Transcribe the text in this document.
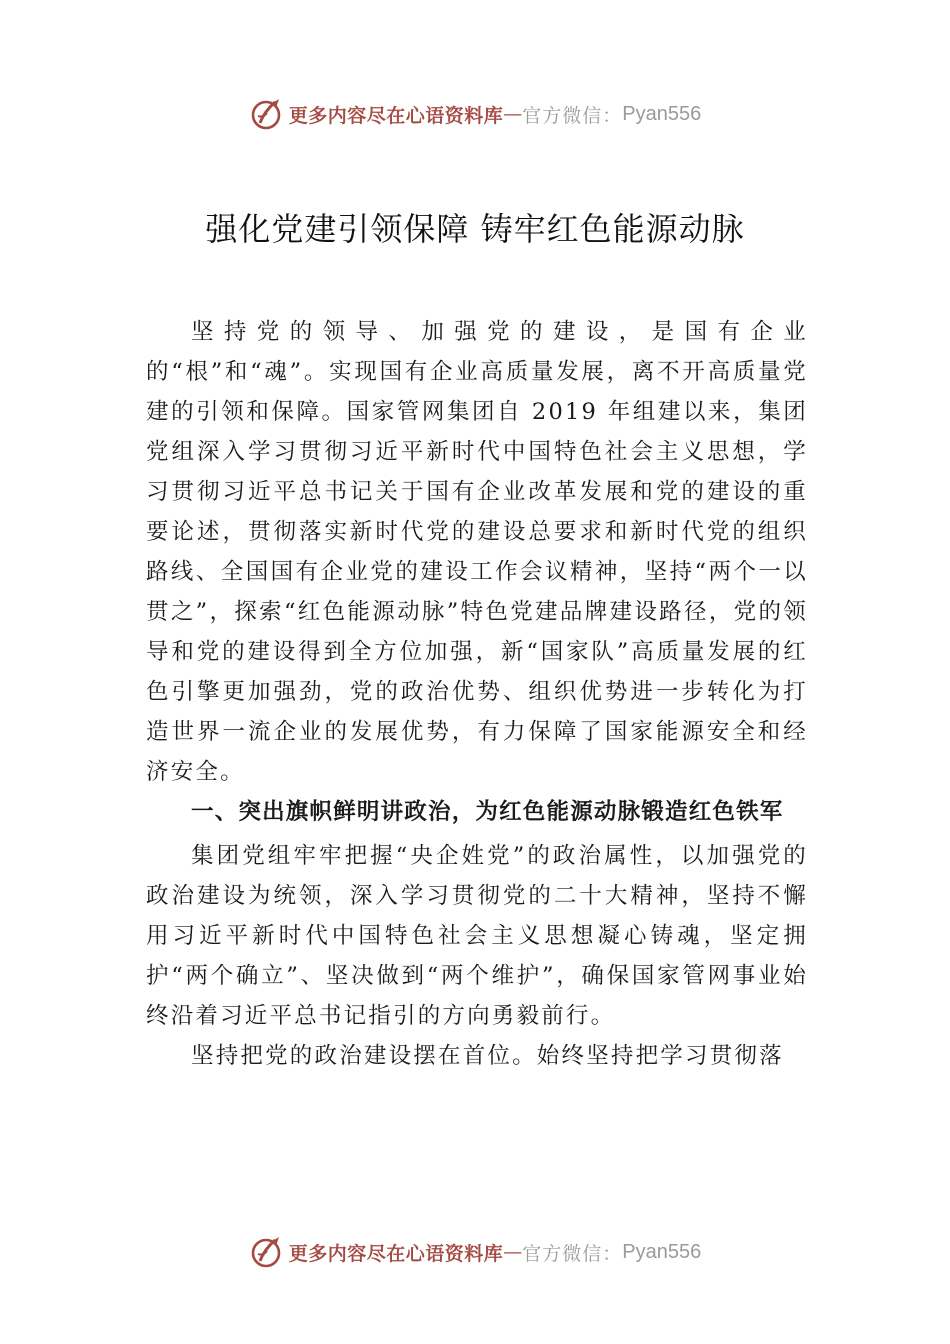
更多内容尽在心语资料库 — 官方微信： Pyan556
强化党建引领保障 铸牢红色能源动脉

坚持党的领导、加强党的建设，是国有企业的“根”和“魂”。实现国有企业高质量发展，离不开高质量党建的引领和保障。国家管网集团自 2019 年组建以来，集团党组深入学习贯彻习近平新时代中国特色社会主义思想，学习贯彻习近平总书记关于国有企业改革发展和党的建设的重要论述，贯彻落实新时代党的建设总要求和新时代党的组织路线、全国国有企业党的建设工作会议精神，坚持“两个一以贯之”，探索“红色能源动脉”特色党建品牌建设路径，党的领导和党的建设得到全方位加强，新“国家队”高质量发展的红色引擎更加强劲，党的政治优势、组织优势进一步转化为打造世界一流企业的发展优势，有力保障了国家能源安全和经济安全。

一、突出旗帜鲜明讲政治，为红色能源动脉锻造红色铁军

集团党组牢牢把握“央企姓党”的政治属性，以加强党的政治建设为统领，深入学习贯彻党的二十大精神，坚持不懈用习近平新时代中国特色社会主义思想凝心铸魂，坚定拥护“两个确立”、坚决做到“两个维护”，确保国家管网事业始终沿着习近平总书记指引的方向勇毅前行。

坚持把党的政治建设摆在首位。始终坚持把学习贯彻落

更多内容尽在心语资料库 — 官方微信： Pyan556
